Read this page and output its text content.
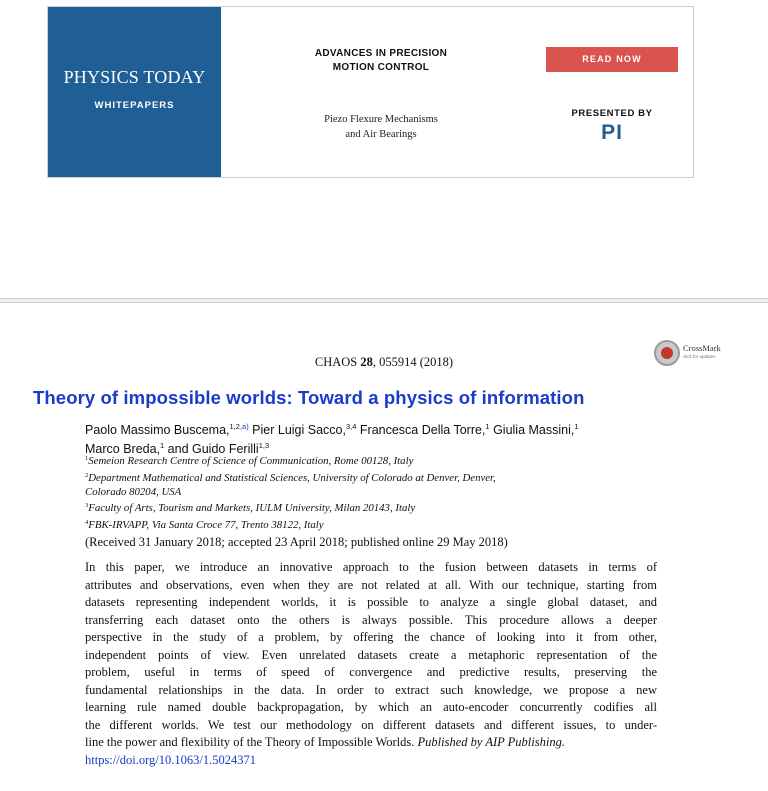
PHYSICS TODAY
WHITEPAPERS
ADVANCES IN PRECISION
MOTION CONTROL
Piezo Flexure Mechanisms
and Air Bearings
READ NOW
PRESENTED BY
PI
CHAOS 28, 055914 (2018)
CrossMark
click for updates
Theory of impossible worlds: Toward a physics of information
Paolo Massimo Buscema,$^{1,2,a)}$ Pier Luigi Sacco,$^{3,4}$ Francesca Della Torre,$^1$ Giulia Massini,$^1$
Marco Breda,$^1$ and Guido Ferilli$^{1,3}$
$^1$Semeion Research Centre of Science of Communication, Rome 00128, Italy
$^2$Department Mathematical and Statistical Sciences, University of Colorado at Denver, Denver,
Colorado 80204, USA
$^3$Faculty of Arts, Tourism and Markets, IULM University, Milan 20143, Italy
$^4$FBK-IRVAPP, Via Santa Croce 77, Trento 38122, Italy
(Received 31 January 2018; accepted 23 April 2018; published online 29 May 2018)
In this paper, we introduce an innovative approach to the fusion between datasets in terms of
attributes and observations, even when they are not related at all. With our technique, starting from
datasets representing independent worlds, it is possible to analyze a single global dataset, and
transferring each dataset onto the others is always possible. This procedure allows a deeper
perspective in the study of a problem, by offering the chance of looking into it from other,
independent points of view. Even unrelated datasets create a metaphoric representation of the
problem, useful in terms of speed of convergence and predictive results, preserving the
fundamental relationships in the data. In order to extract such knowledge, we propose a new
learning rule named double backpropagation, by which an auto-encoder concurrently codifies all
the different worlds. We test our methodology on different datasets and different issues, to under-
line the power and flexibility of the Theory of Impossible Worlds. Published by AIP Publishing.
https://doi.org/10.1063/1.5024371
